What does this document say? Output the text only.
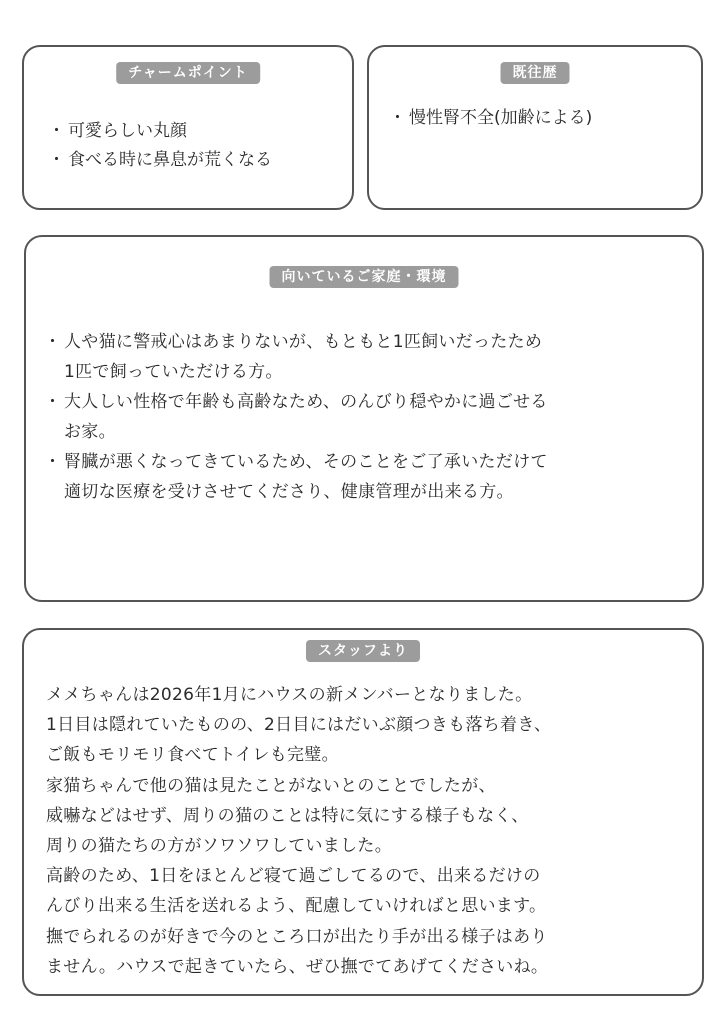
チャームポイント
・ 可愛らしい丸顔
・ 食べる時に鼻息が荒くなる
既往歴
・ 慢性腎不全(加齢による)
向いているご家庭・環境
・ 人や猫に警戒心はあまりないが、もともと1匹飼いだったため
1匹で飼っていただける方。
・ 大人しい性格で年齢も高齢なため、のんびり穏やかに過ごせる
お家。
・ 腎臓が悪くなってきているため、そのことをご了承いただけて
適切な医療を受けさせてくださり、健康管理が出来る方。
スタッフより

メメちゃんは2026年1月にハウスの新メンバーとなりました。
1日目は隠れていたものの、2日目にはだいぶ顔つきも落ち着き、
ご飯もモリモリ食べてトイレも完璧。
家猫ちゃんで他の猫は見たことがないとのことでしたが、
威嚇などはせず、周りの猫のことは特に気にする様子もなく、
周りの猫たちの方がソワソワしていました。
高齢のため、1日をほとんど寝て過ごしてるので、出来るだけの
んびり出来る生活を送れるよう、配慮していければと思います。
撫でられるのが好きで今のところ口が出たり手が出る様子はあり
ません。ハウスで起きていたら、ぜひ撫でてあげてくださいね。
